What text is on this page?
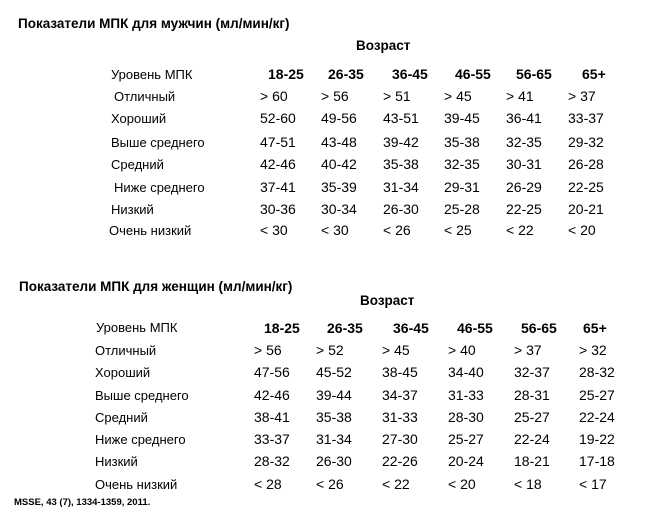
Показатели МПК для мужчин (мл/мин/кг)
Возраст
Уровень МПК	18-25 26-35 36-45 46-55 56-65 65+
Отличный	> 60 > 56 > 51 > 45 > 41 > 37
Хороший	52-60 49-56 43-51 39-45 36-41 33-37
Выше среднего	47-51 43-48 39-42 35-38 32-35 29-32
Средний	42-46 40-42 35-38 32-35 30-31 26-28
Ниже среднего	37-41 35-39 31-34 29-31 26-29 22-25
Низкий	30-36 30-34 26-30 25-28 22-25 20-21
Очень низкий	< 30 < 30 < 26 < 25 < 22 < 20
Показатели МПК для женщин (мл/мин/кг)
Возраст
Уровень МПК	18-25 26-35 36-45 46-55 56-65 65+
Отличный	> 56 > 52	> 45	> 40	> 37	> 32
Хороший	47-56 45-52 38-45 34-40 32-37 28-32
Выше среднего	42-46 39-44 34-37 31-33 28-31 25-27
Средний	38-41 35-38 31-33 28-30 25-27 22-24
Ниже среднего	33-37 31-34 27-30 25-27 22-24 19-22
Низкий	28-32 26-30 22-26 20-24 18-21 17-18
Очень низкий	< 28 < 26	< 22	< 20	< 18	< 17
MSSE, 43 (7), 1334-1359, 2011.
